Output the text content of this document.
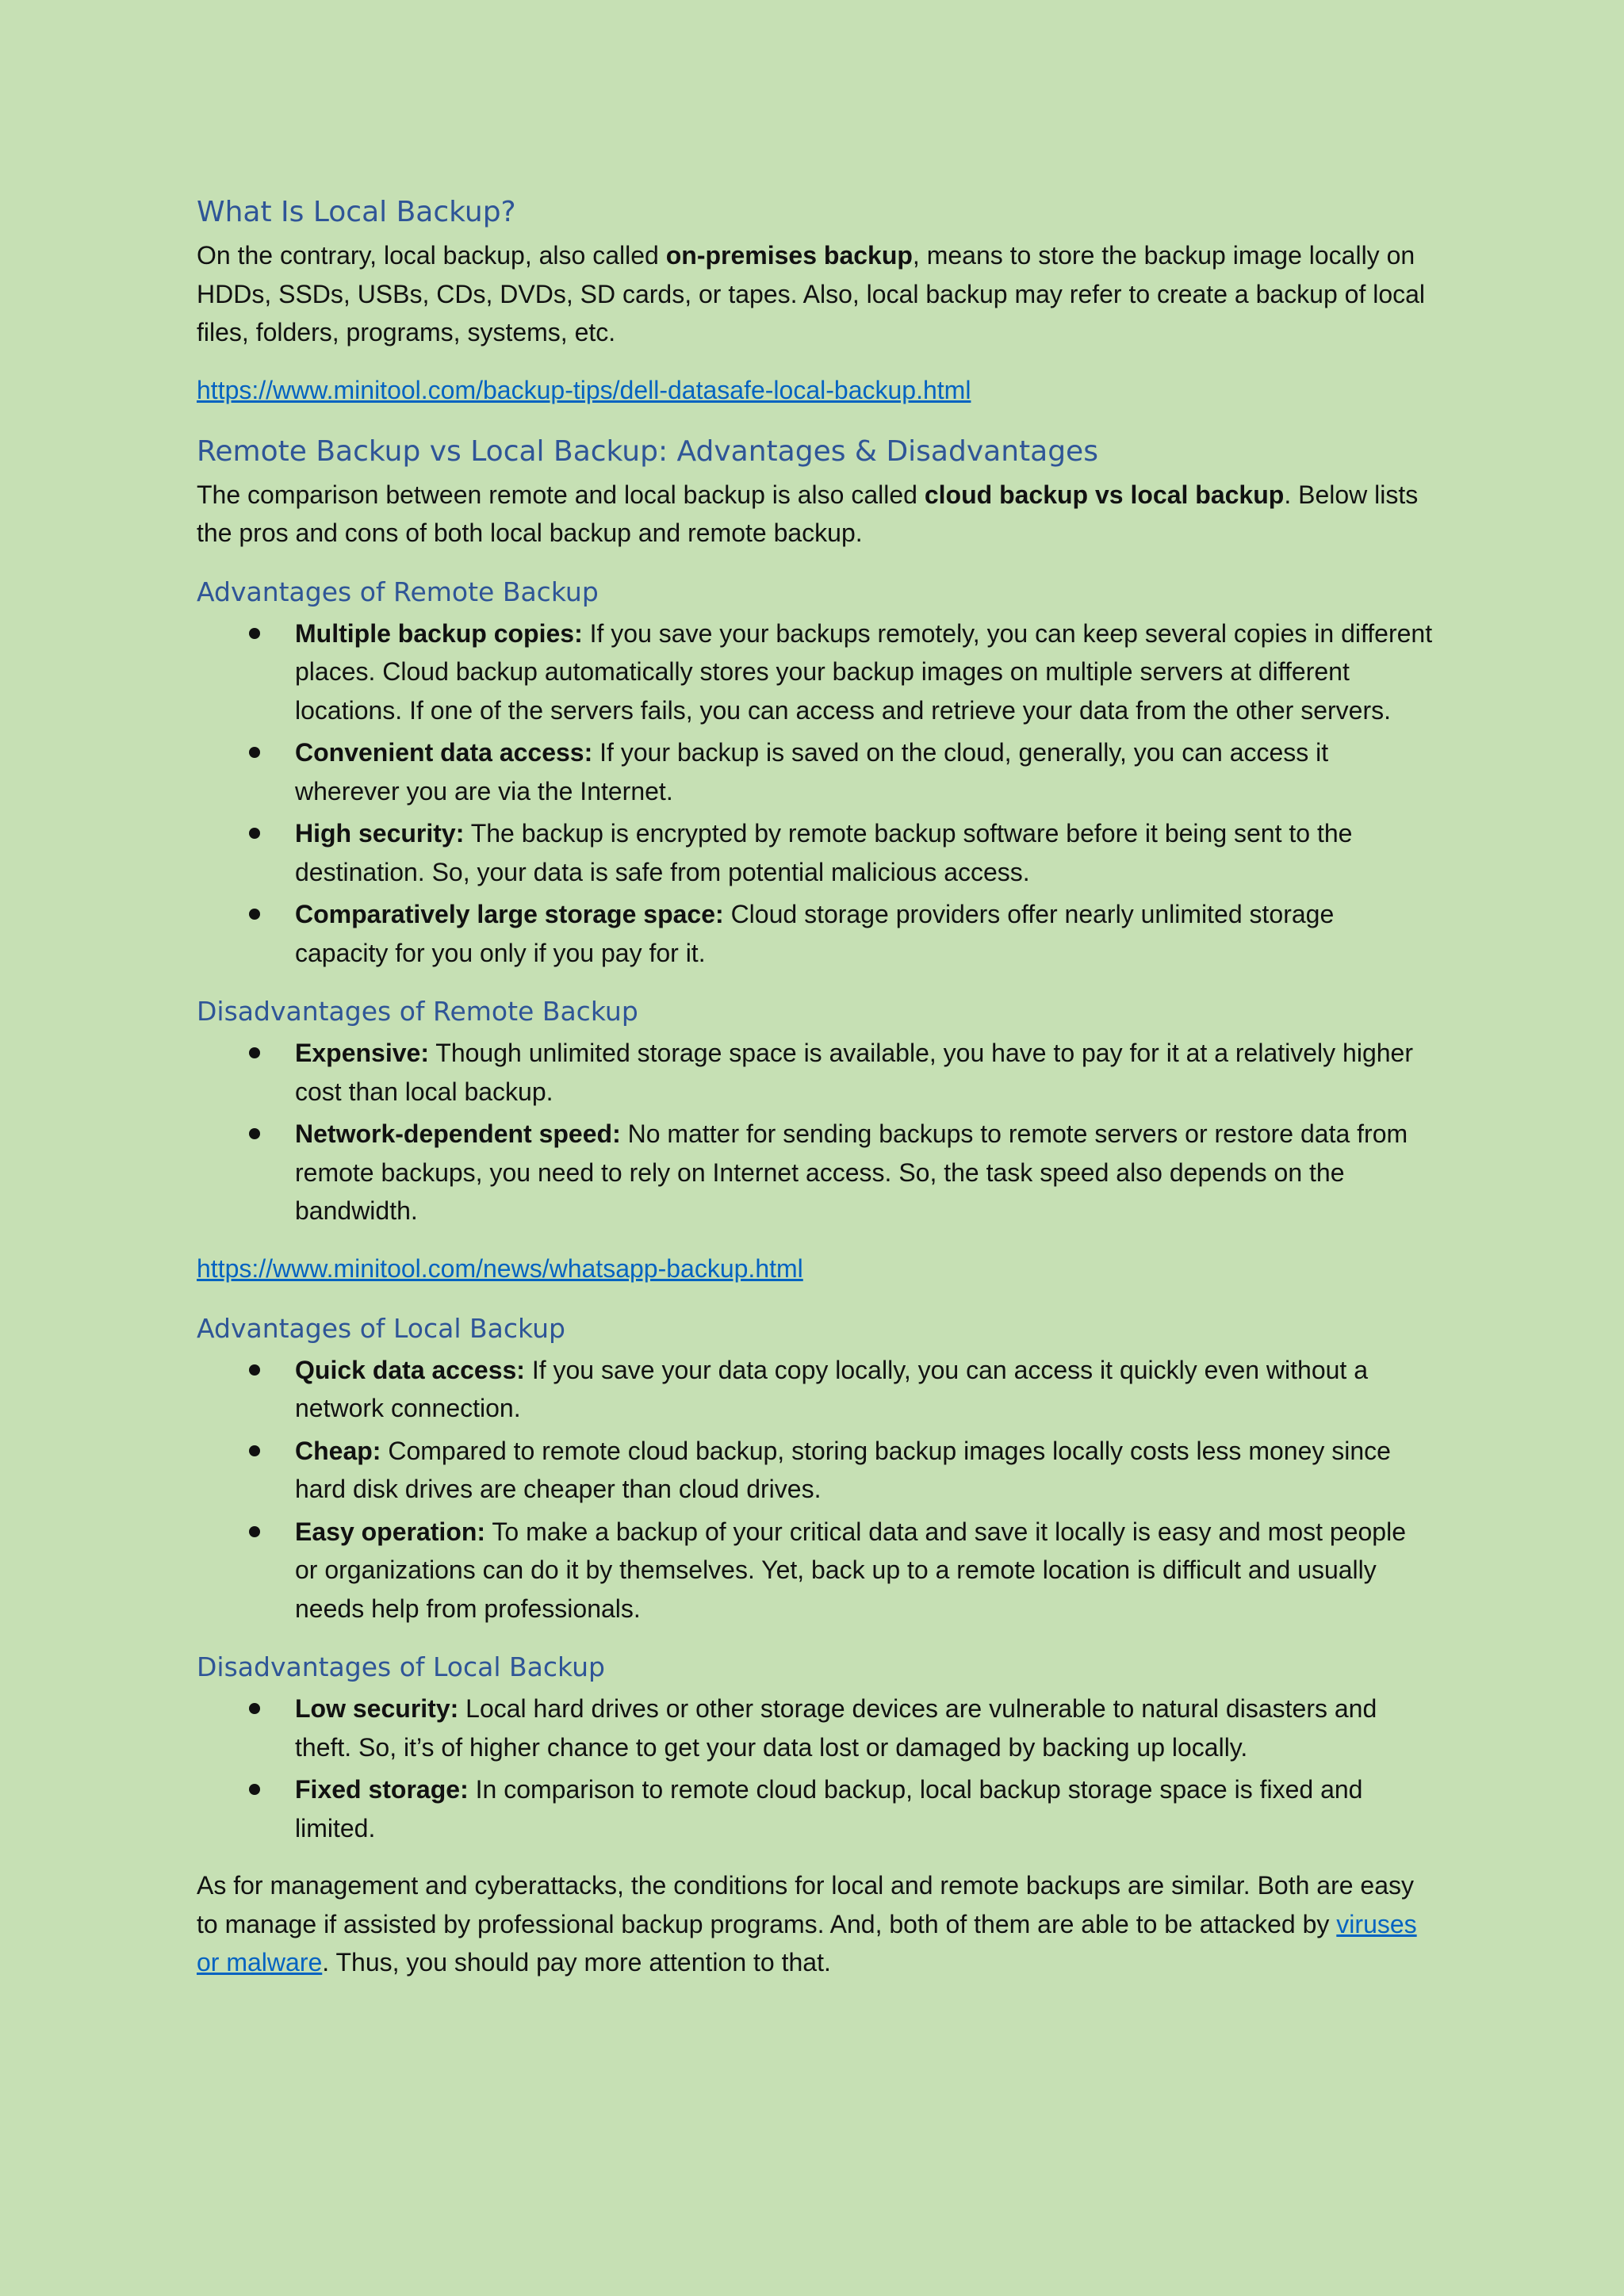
What Is Local Backup?

On the contrary, local backup, also called on-premises backup, means to store the backup image locally on HDDs, SSDs, USBs, CDs, DVDs, SD cards, or tapes. Also, local backup may refer to create a backup of local files, folders, programs, systems, etc.

https://www.minitool.com/backup-tips/dell-datasafe-local-backup.html
Remote Backup vs Local Backup: Advantages & Disadvantages

The comparison between remote and local backup is also called cloud backup vs local backup. Below lists the pros and cons of both local backup and remote backup.

Advantages of Remote Backup
Multiple backup copies: If you save your backups remotely, you can keep several copies in different places. Cloud backup automatically stores your backup images on multiple servers at different locations. If one of the servers fails, you can access and retrieve your data from the other servers.
Convenient data access: If your backup is saved on the cloud, generally, you can access it wherever you are via the Internet.
High security: The backup is encrypted by remote backup software before it being sent to the destination. So, your data is safe from potential malicious access.
Comparatively large storage space: Cloud storage providers offer nearly unlimited storage capacity for you only if you pay for it.
Disadvantages of Remote Backup
Expensive: Though unlimited storage space is available, you have to pay for it at a relatively higher cost than local backup.
Network-dependent speed: No matter for sending backups to remote servers or restore data from remote backups, you need to rely on Internet access. So, the task speed also depends on the bandwidth.
https://www.minitool.com/news/whatsapp-backup.html
Advantages of Local Backup
Quick data access: If you save your data copy locally, you can access it quickly even without a network connection.
Cheap: Compared to remote cloud backup, storing backup images locally costs less money since hard disk drives are cheaper than cloud drives.
Easy operation: To make a backup of your critical data and save it locally is easy and most people or organizations can do it by themselves. Yet, back up to a remote location is difficult and usually needs help from professionals.
Disadvantages of Local Backup
Low security: Local hard drives or other storage devices are vulnerable to natural disasters and theft. So, it’s of higher chance to get your data lost or damaged by backing up locally.
Fixed storage: In comparison to remote cloud backup, local backup storage space is fixed and limited.

As for management and cyberattacks, the conditions for local and remote backups are similar. Both are easy to manage if assisted by professional backup programs. And, both of them are able to be attacked by viruses or malware. Thus, you should pay more attention to that.
